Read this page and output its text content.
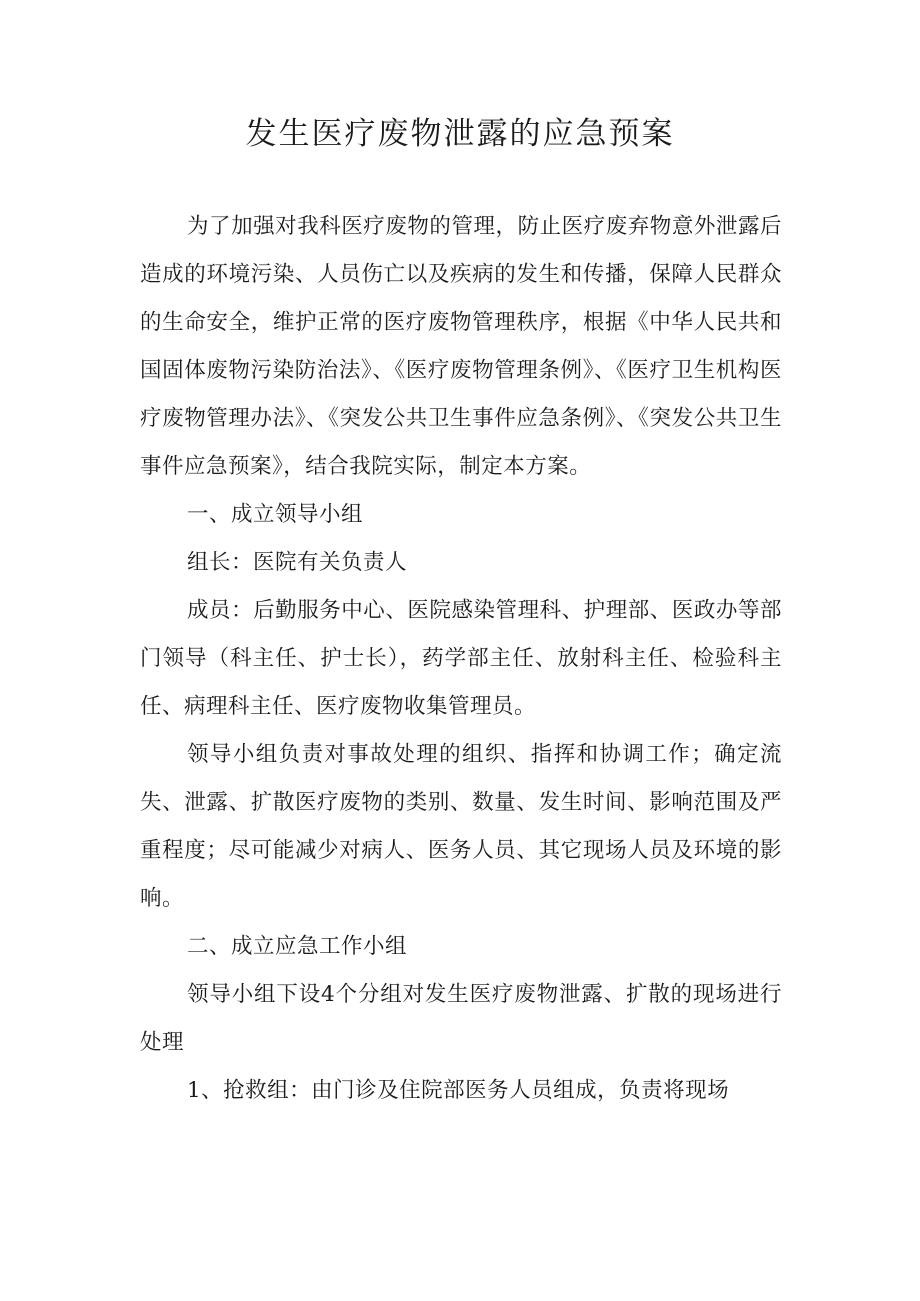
发生医疗废物泄露的应急预案

为了加强对我科医疗废物的管理，防止医疗废弃物意外泄露后造成的环境污染、人员伤亡以及疾病的发生和传播，保障人民群众的生命安全，维护正常的医疗废物管理秩序，根据《中华人民共和国固体废物污染防治法》、《医疗废物管理条例》、《医疗卫生机构医疗废物管理办法》、《突发公共卫生事件应急条例》、《突发公共卫生事件应急预案》，结合我院实际，制定本方案。

一、成立领导小组

组长：医院有关负责人

成员：后勤服务中心、医院感染管理科、护理部、医政办等部门领导（科主任、护士长），药学部主任、放射科主任、检验科主任、病理科主任、医疗废物收集管理员。

领导小组负责对事故处理的组织、指挥和协调工作；确定流失、泄露、扩散医疗废物的类别、数量、发生时间、影响范围及严重程度；尽可能减少对病人、医务人员、其它现场人员及环境的影响。

二、成立应急工作小组

领导小组下设4个分组对发生医疗废物泄露、扩散的现场进行处理

1、抢救组：由门诊及住院部医务人员组成，负责将现场
